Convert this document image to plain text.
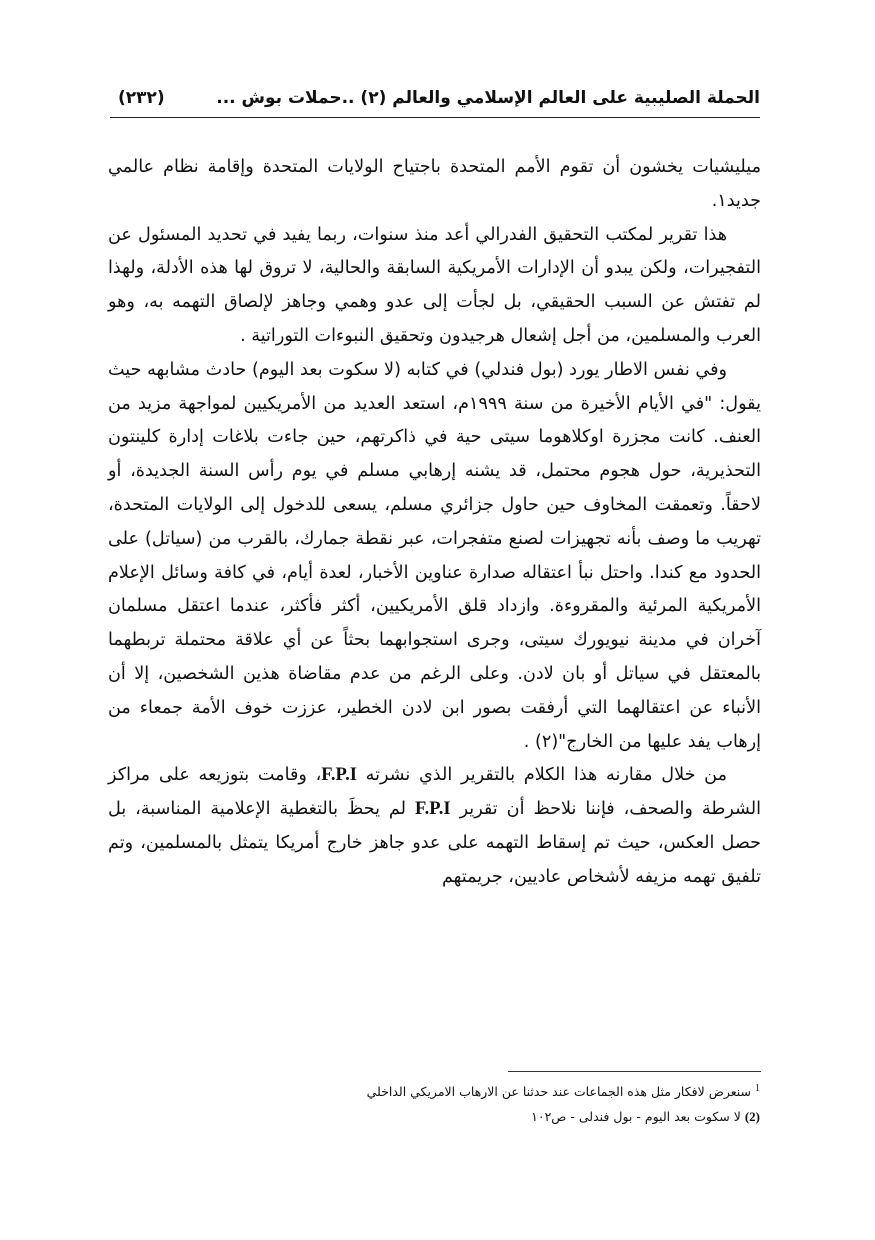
الحملة الصليبية على العالم الإسلامي والعالم (٢) ..حملات بوش ...
(٢٣٢)

ميليشيات يخشون أن تقوم الأمم المتحدة باجتياح الولايات المتحدة وإقامة نظام عالمي جديد١.

هذا تقرير لمكتب التحقيق الفدرالي أعد منذ سنوات، ربما يفيد في تحديد المسئول عن التفجيرات، ولكن يبدو أن الإدارات الأمريكية السابقة والحالية، لا تروق لها هذه الأدلة، ولهذا لم تفتش عن السبب الحقيقي، بل لجأت إلى عدو وهمي وجاهز لإلصاق التهمه به، وهو العرب والمسلمين، من أجل إشعال هرجيدون وتحقيق النبوءات التوراتية .

وفي نفس الاطار يورد (بول فندلي) في كتابه (لا سكوت بعد اليوم) حادث مشابهه حيث يقول: "في الأيام الأخيرة من سنة ١٩٩٩م، استعد العديد من الأمريكيين لمواجهة مزيد من العنف. كانت مجزرة اوكلاهوما سيتى حية في ذاكرتهم، حين جاءت بلاغات إدارة كلينتون التحذيرية، حول هجوم محتمل، قد يشنه إرهابي مسلم في يوم رأس السنة الجديدة، أو لاحقاً. وتعمقت المخاوف حين حاول جزائري مسلم، يسعى للدخول إلى الولايات المتحدة، تهريب ما وصف بأنه تجهيزات لصنع متفجرات، عبر نقطة جمارك، بالقرب من (سياتل) على الحدود مع كندا. واحتل نبأ اعتقاله صدارة عناوين الأخبار، لعدة أيام، في كافة وسائل الإعلام الأمريكية المرئية والمقروءة. وازداد قلق الأمريكيين، أكثر فأكثر، عندما اعتقل مسلمان آخران في مدينة نيويورك سيتى، وجرى استجوابهما بحثاً عن أي علاقة محتملة تربطهما بالمعتقل في سياتل أو بان لادن. وعلى الرغم من عدم مقاضاة هذين الشخصين، إلا أن الأنباء عن اعتقالهما التي أرفقت بصور ابن لادن الخطير، عززت خوف الأمة جمعاء من إرهاب يفد عليها من الخارج"(٢) .

من خلال مقارنه هذا الكلام بالتقرير الذي نشرته F.P.I، وقامت بتوزيعه على مراكز الشرطة والصحف، فإننا نلاحظ أن تقرير F.P.I لم يحظَ بالتغطية الإعلامية المناسبة، بل حصل العكس، حيث تم إسقاط التهمه على عدو جاهز خارج أمريكا يتمثل بالمسلمين، وتم تلفيق تهمه مزيفه لأشخاص عاديين، جريمتهم

$^1$ سنعرض لافكار مثل هذه الجماعات عند حدثنا عن الارهاب الامريكي الداخلي
(2) لا سكوت بعد اليوم - بول فندلى - ص١٠٢
